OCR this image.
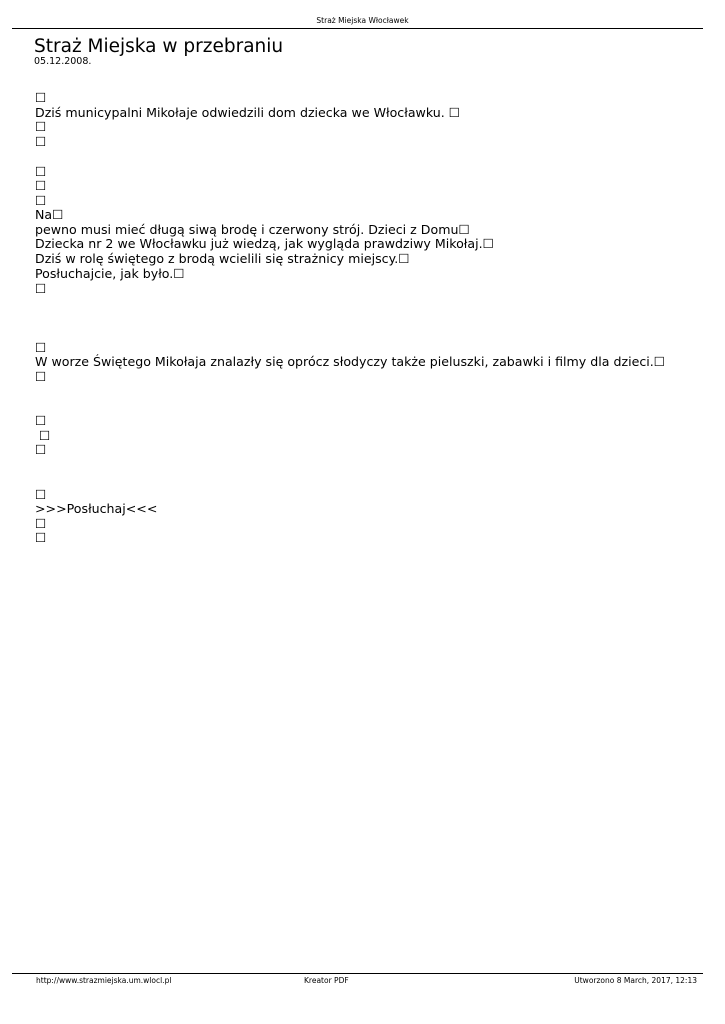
Straż Miejska Włocławek
Straż Miejska w przebraniu
05.12.2008.
☐
Dziś municypalni Mikołaje odwiedzili dom dziecka we Włocławku. ☐
☐
☐
☐
☐
☐
Na☐
pewno musi mieć długą siwą brodę i czerwony strój. Dzieci z Domu☐
Dziecka nr 2 we Włocławku już wiedzą, jak wygląda prawdziwy Mikołaj.☐
Dziś w rolę świętego z brodą wcielili się strażnicy miejscy.☐
Posłuchajcie, jak było.☐
☐
☐
W worze Świętego Mikołaja znalazły się oprócz słodyczy także pieluszki, zabawki i filmy dla dzieci.☐
☐
☐
☐
☐
☐
>>>Posłuchaj<<<
☐
☐
http://www.strazmiejska.um.wlocl.pl	Kreator PDF	Utworzono 8 March, 2017, 12:13
